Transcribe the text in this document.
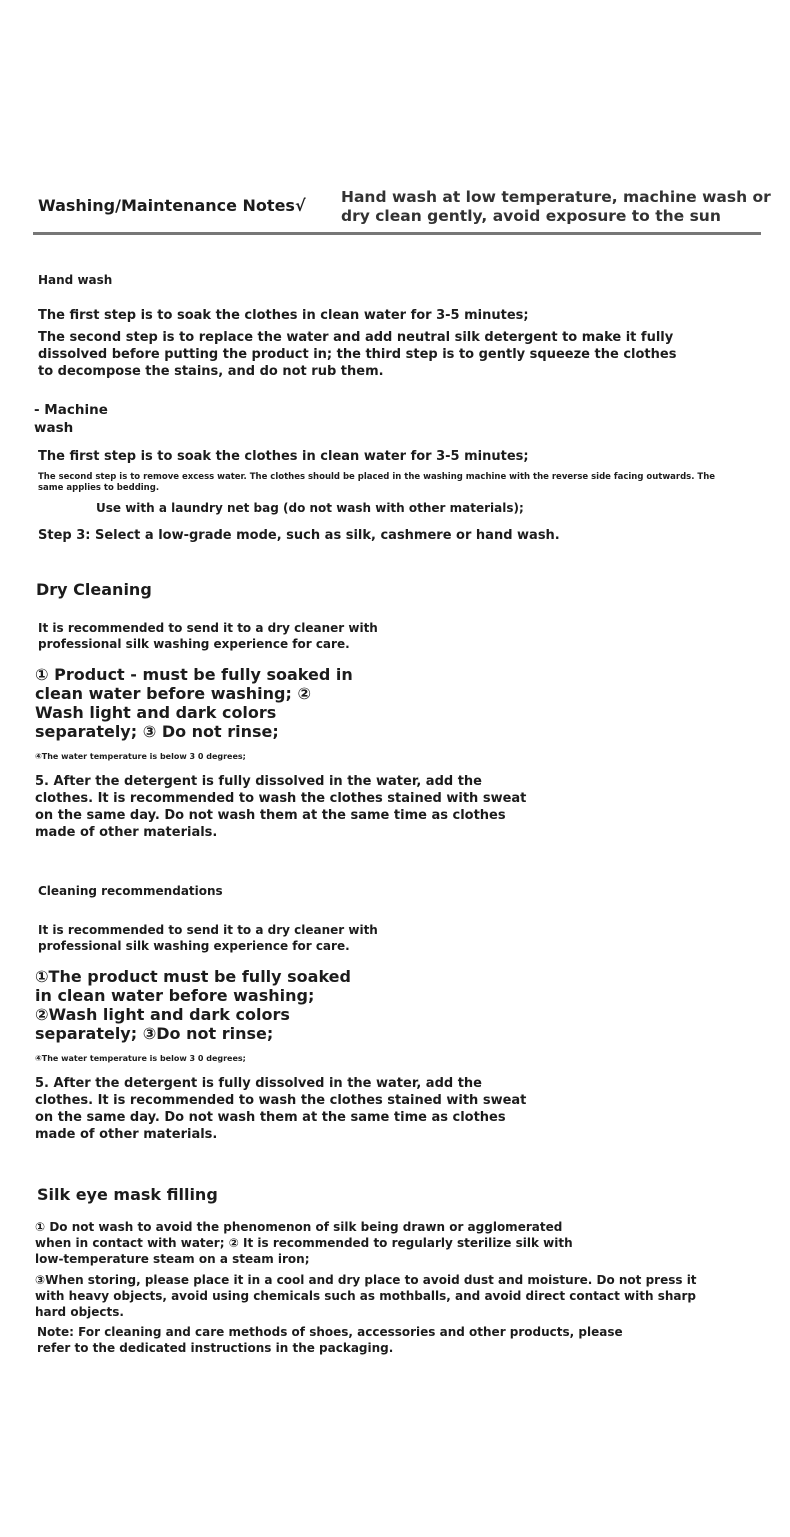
Washing/Maintenance Notes√ Hand wash at low temperature, machine wash or dry clean gently, avoid exposure to the sun

Hand wash

The first step is to soak the clothes in clean water for 3-5 minutes;

The second step is to replace the water and add neutral silk detergent to make it fully dissolved before putting the product in; the third step is to gently squeeze the clothes to decompose the stains, and do not rub them.

- Machine wash

The first step is to soak the clothes in clean water for 3-5 minutes;

The second step is to remove excess water. The clothes should be placed in the washing machine with the reverse side facing outwards. The same applies to bedding.

Use with a laundry net bag (do not wash with other materials);

Step 3: Select a low-grade mode, such as silk, cashmere or hand wash.

Dry Cleaning

It is recommended to send it to a dry cleaner with professional silk washing experience for care.

① Product - must be fully soaked in clean water before washing; ② Wash light and dark colors separately; ③ Do not rinse;

④The water temperature is below 3 0 degrees;

5. After the detergent is fully dissolved in the water, add the clothes. It is recommended to wash the clothes stained with sweat on the same day. Do not wash them at the same time as clothes made of other materials.

Cleaning recommendations

It is recommended to send it to a dry cleaner with professional silk washing experience for care.

①The product must be fully soaked in clean water before washing; ②Wash light and dark colors separately; ③Do not rinse;

④The water temperature is below 3 0 degrees;

5. After the detergent is fully dissolved in the water, add the clothes. It is recommended to wash the clothes stained with sweat on the same day. Do not wash them at the same time as clothes made of other materials.

Silk eye mask filling

① Do not wash to avoid the phenomenon of silk being drawn or agglomerated when in contact with water; ② It is recommended to regularly sterilize silk with low-temperature steam on a steam iron;

③When storing, please place it in a cool and dry place to avoid dust and moisture. Do not press it with heavy objects, avoid using chemicals such as mothballs, and avoid direct contact with sharp hard objects.

Note: For cleaning and care methods of shoes, accessories and other products, please refer to the dedicated instructions in the packaging.
